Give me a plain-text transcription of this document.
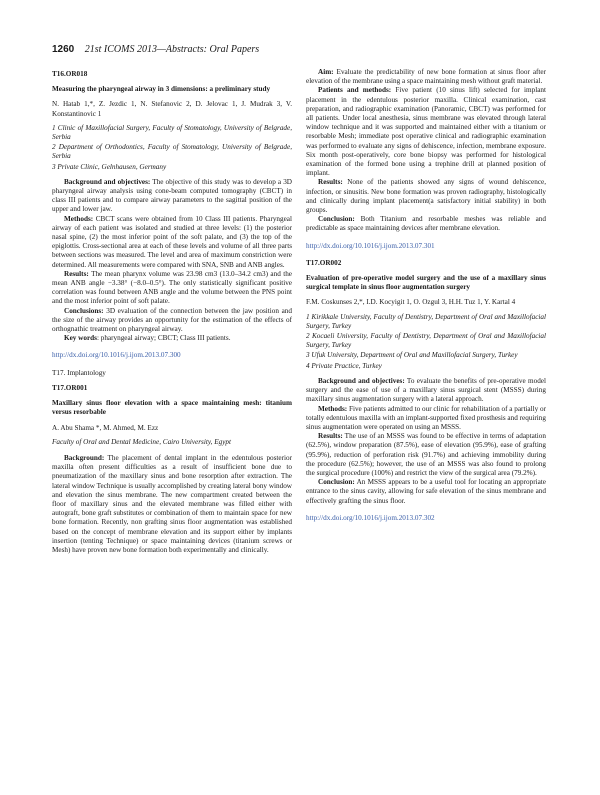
1260 21st ICOMS 2013—Abstracts: Oral Papers

T16.OR018

Measuring the pharyngeal airway in 3 dimensions: a preliminary study

N. Hatab 1,*, Z. Jezdic 1, N. Stefanovic 2, D. Jelovac 1, J. Mudrak 3, V. Konstantinovic 1

1 Clinic of Maxillofacial Surgery, Faculty of Stomatology, University of Belgrade, Serbia

2 Department of Orthodontics, Faculty of Stomatology, University of Belgrade, Serbia

3 Private Clinic, Gelnhausen, Germany

Background and objectives: The objective of this study was to develop a 3D pharyngeal airway analysis using cone-beam computed tomography (CBCT) in class III patients and to compare airway parameters to the sagittal position of the upper and lower jaw.

Methods: CBCT scans were obtained from 10 Class III patients. Pharyngeal airway of each patient was isolated and studied at three levels: (1) the posterior nasal spine, (2) the most inferior point of the soft palate, and (3) the top of the epiglottis. Cross-sectional area at each of these levels and volume of all three parts between sections was measured. The level and area of maximum constriction were determined. All measurements were compared with SNA, SNB and ANB angles.

Results: The mean pharynx volume was 23.98 cm3 (13.0–34.2 cm3) and the mean ANB angle −3.38° (−8.0–0.5°). The only statistically significant positive correlation was found between ANB angle and the volume between the PNS point and the most inferior point of soft palate.

Conclusions: 3D evaluation of the connection between the jaw position and the size of the airway provides an opportunity for the estimation of the effects of orthognathic treatment on pharyngeal airway.

Key words: pharyngeal airway; CBCT; Class III patients.

http://dx.doi.org/10.1016/j.ijom.2013.07.300

T17. Implantology

T17.OR001

Maxillary sinus floor elevation with a space maintaining mesh: titanium versus resorbable

A. Abu Shama *, M. Ahmed, M. Ezz

Faculty of Oral and Dental Medicine, Cairo University, Egypt

Background: The placement of dental implant in the edentulous posterior maxilla often present difficulties as a result of insufficient bone due to pneumatization of the maxillary sinus and bone resorption after extraction. The lateral window Technique is usually accomplished by creating lateral bony window and elevation the sinus membrane. The new compartment created between the floor of maxillary sinus and the elevated membrane was filled either with autograft, bone graft substitutes or combination of them to maintain space for new bone formation. Recently, non grafting sinus floor augmentation was established based on the concept of membrane elevation and its support either by implants insertion (tenting Technique) or space maintaining devices (titanium screws or Mesh) have proven new bone formation both experimentally and clinically.

Aim: Evaluate the predictability of new bone formation at sinus floor after elevation of the membrane using a space maintaining mesh without graft material.

Patients and methods: Five patient (10 sinus lift) selected for implant placement in the edentulous posterior maxilla. Clinical examination, cast preparation, and radiographic examination (Panoramic, CBCT) was performed for all patients. Under local anesthesia, sinus membrane was elevated through lateral window technique and it was supported and maintained either with a titanium or resorbable Mesh; immediate post operative clinical and radiographic examination was performed to evaluate any signs of dehiscence, infection, membrane exposure. Six month post-operatively, core bone biopsy was performed for histological examination of the formed bone using a trephine drill at planned position of implant.

Results: None of the patients showed any signs of wound dehiscence, infection, or sinusitis. New bone formation was proven radiography, histologically and clinically during implant placement(a satisfactory initial stability) in both groups.

Conclusion: Both Titanium and resorbable meshes was reliable and predictable as space maintaining devices after membrane elevation.

http://dx.doi.org/10.1016/j.ijom.2013.07.301

T17.OR002

Evaluation of pre-operative model surgery and the use of a maxillary sinus surgical template in sinus floor augmentation surgery

F.M. Coskunses 2,*, I.D. Kocyigit 1, O. Ozgul 3, H.H. Tuz 1, Y. Kartal 4

1 Kirikkale University, Faculty of Dentistry, Department of Oral and Maxillofacial Surgery, Turkey

2 Kocaeli University, Faculty of Dentistry, Department of Oral and Maxillofacial Surgery, Turkey

3 Ufuk University, Department of Oral and Maxillofacial Surgery, Turkey

4 Private Practice, Turkey

Background and objectives: To evaluate the benefits of pre-operative model surgery and the ease of use of a maxillary sinus surgical stent (MSSS) during maxillary sinus augmentation surgery with a lateral approach.

Methods: Five patients admitted to our clinic for rehabilitation of a partially or totally edentulous maxilla with an implant-supported fixed prosthesis and requiring sinus augmentation were operated on using an MSSS.

Results: The use of an MSSS was found to be effective in terms of adaptation (62.5%), window preparation (87.5%), ease of elevation (95.9%), ease of grafting (95.9%), reduction of perforation risk (91.7%) and achieving immobility during the procedure (62.5%); however, the use of an MSSS was also found to prolong the surgical procedure (100%) and restrict the view of the surgical area (79.2%).

Conclusion: An MSSS appears to be a useful tool for locating an appropriate entrance to the sinus cavity, allowing for safe elevation of the sinus membrane and effectively grafting the sinus floor.

http://dx.doi.org/10.1016/j.ijom.2013.07.302
